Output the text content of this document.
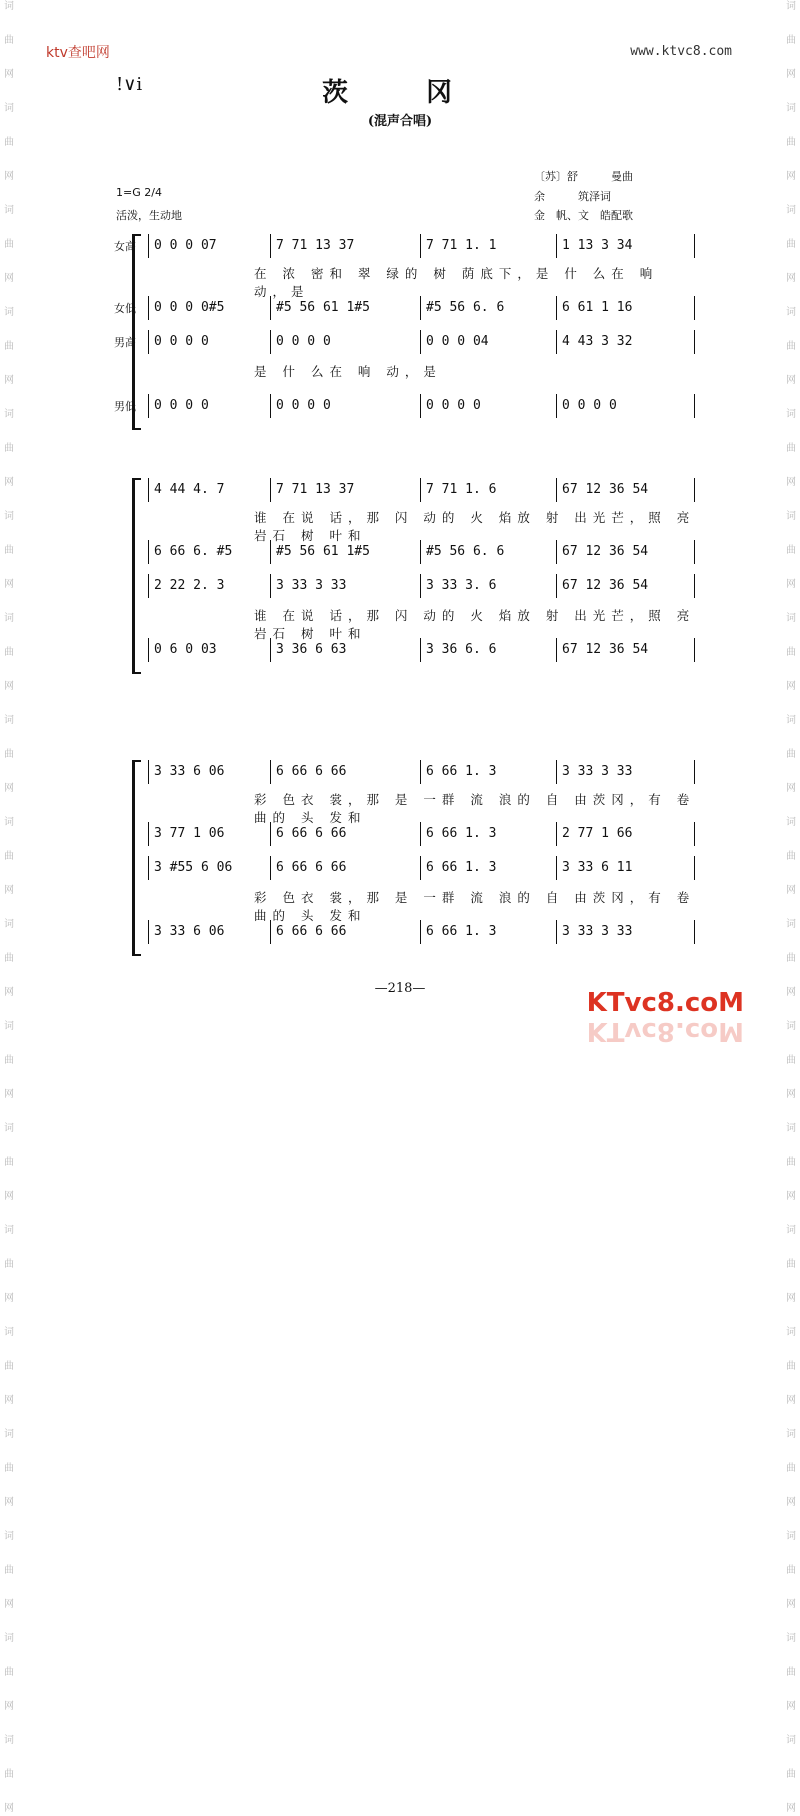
词
曲
网
词
曲
网
词
曲
网
词
曲
网
词
曲
网
词
曲
网
词
曲
网
词
曲
网
词
曲
网
词
曲
网
词
曲
网
词
曲
网
词
曲
网
词
曲
网
词
曲
网
词
曲
网
词
曲
网
词
曲
网
词
曲
网
词
曲
网
词
曲
网
词
曲
网
词
曲
网
词
曲
网
词
曲
网
词
曲
网
词
曲
网
词
曲
网
词
曲
网
词
曲
网
词
曲
网
词
曲
网
词
曲
网
词
曲
网
词
曲
网
词
曲
网
ktv查吧网	www.ktvc8.com
!∨i	茨　冈
(混声合唱)
〔苏〕舒　　　曼曲
余　　　筑泽词
金　帆、文　皓配歌
1=G 2/4
活泼，生动地
女高 0 0 0 07	7 71 13 37	7 71 1. 1	1 13 3 34
在 浓 密和 翠 绿的 树 荫底下，是 什 么在 响 动，是
女低 0 0 0 0#5	#5 56 61 1#5	#5 56 6. 6	6 61 1 16
男高 0 0 0 0	0 0 0 0	0 0 0 04	4 43 3 32
是 什 么在 响 动，是
男低 0 0 0 0	0 0 0 0	0 0 0 0	0 0 0 0
4 44 4. 7	7 71 13 37	7 71 1. 6	67 12 36 54
谁 在说 话，那 闪 动的 火 焰放 射 出光芒，照 亮 岩石 树 叶和
6 66 6. #5	#5 56 61 1#5	#5 56 6. 6	67 12 36 54
2 22 2. 3	3 33 3 33	3 33 3. 6	67 12 36 54
谁 在说 话，那 闪 动的 火 焰放 射 出光芒，照 亮 岩石 树 叶和
0 6 0 03	3 36 6 63	3 36 6. 6	67 12 36 54
3 33 6 06	6 66 6 66	6 66 1. 3	3 33 3 33
彩 色衣 裳，那 是 一群 流 浪的 自 由茨冈，有 卷 曲的 头 发和
3 77 1 06	6 66 6 66	6 66 1. 3	2 77 1 66
3 #55 6 06	6 66 6 66	6 66 1. 3	3 33 6 11
彩 色衣 裳，那 是 一群 流 浪的 自 由茨冈，有 卷 曲的 头 发和
3 33 6 06	6 66 6 66	6 66 1. 3	3 33 3 33
—218—	KTvc8.coM
KTvc8.coM
